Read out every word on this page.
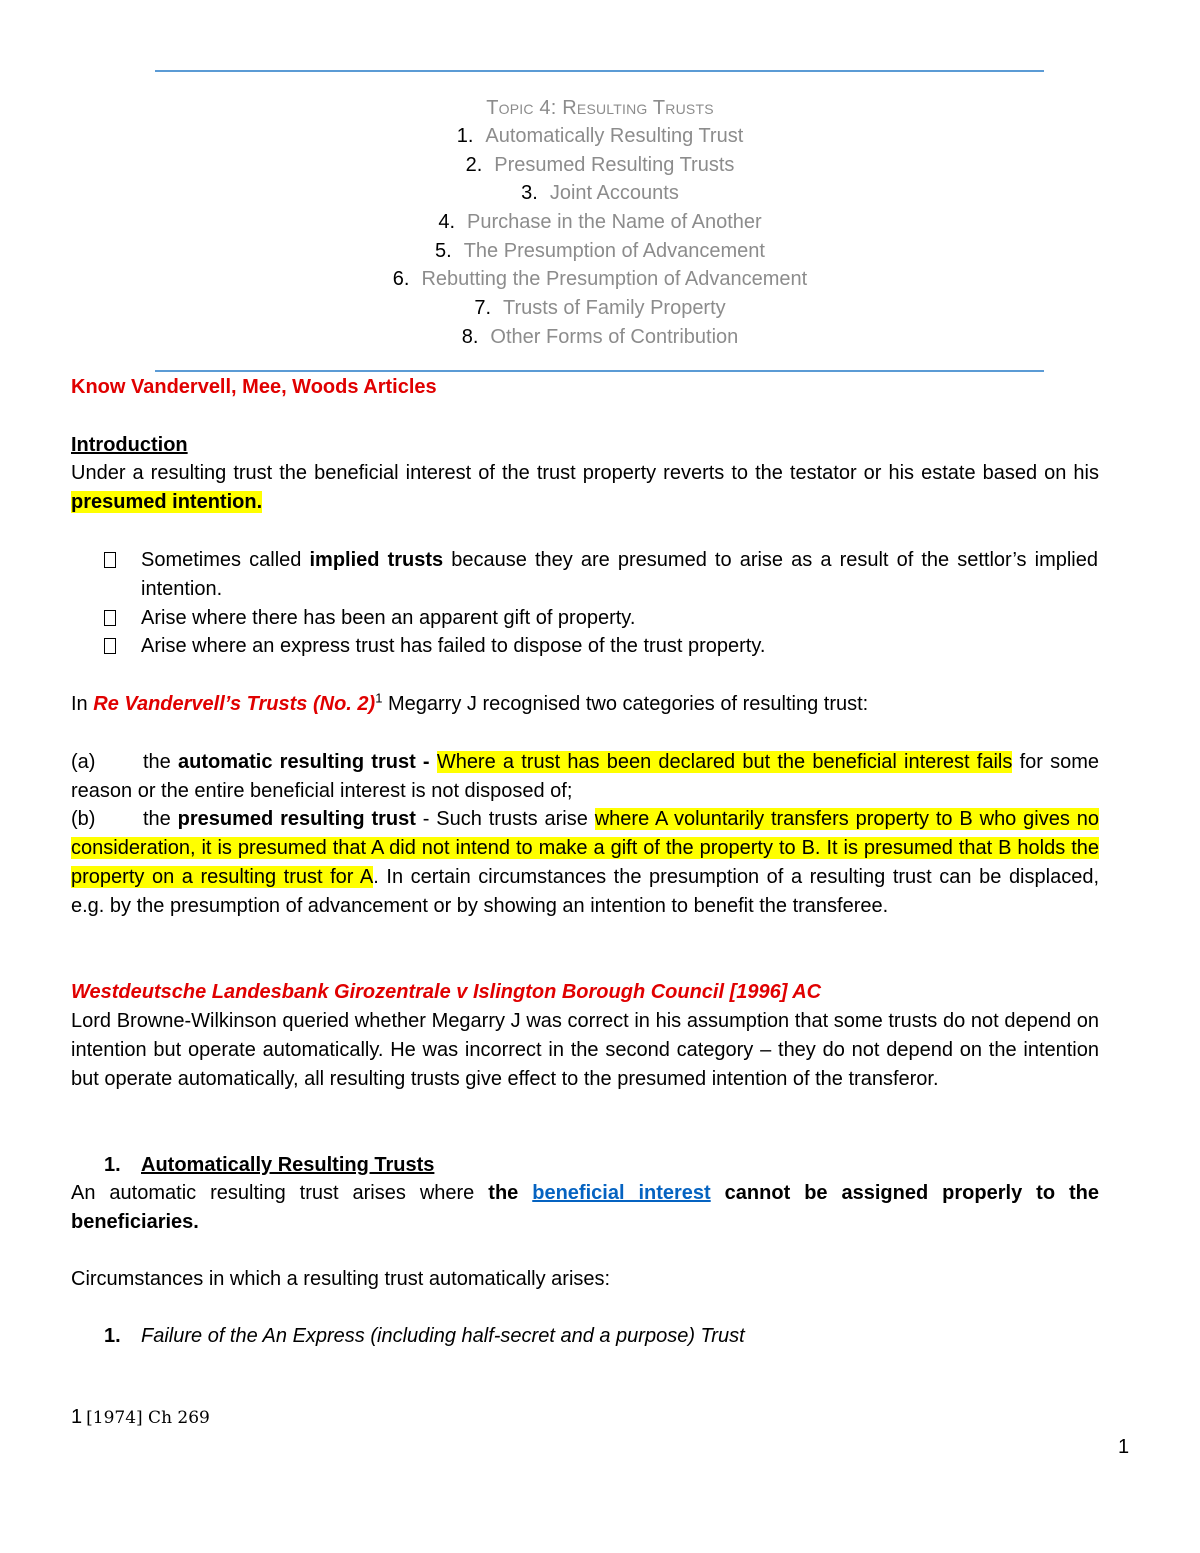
Topic 4: Resulting Trusts
1. Automatically Resulting Trust
2. Presumed Resulting Trusts
3. Joint Accounts
4. Purchase in the Name of Another
5. The Presumption of Advancement
6. Rebutting the Presumption of Advancement
7. Trusts of Family Property
8. Other Forms of Contribution
Know Vandervell, Mee, Woods Articles
Introduction
Under a resulting trust the beneficial interest of the trust property reverts to the testator or his estate based on his presumed intention.
Sometimes called implied trusts because they are presumed to arise as a result of the settlor’s implied intention.
Arise where there has been an apparent gift of property.
Arise where an express trust has failed to dispose of the trust property.
In Re Vandervell’s Trusts (No. 2)$^1$ Megarry J recognised two categories of resulting trust:
(a) the automatic resulting trust - Where a trust has been declared but the beneficial interest fails for some reason or the entire beneficial interest is not disposed of;
(b) the presumed resulting trust - Such trusts arise where A voluntarily transfers property to B who gives no consideration, it is presumed that A did not intend to make a gift of the property to B. It is presumed that B holds the property on a resulting trust for A. In certain circumstances the presumption of a resulting trust can be displaced, e.g. by the presumption of advancement or by showing an intention to benefit the transferee.
Westdeutsche Landesbank Girozentrale v Islington Borough Council [1996] AC
Lord Browne-Wilkinson queried whether Megarry J was correct in his assumption that some trusts do not depend on intention but operate automatically. He was incorrect in the second category – they do not depend on the intention but operate automatically, all resulting trusts give effect to the presumed intention of the transferor.
1. Automatically Resulting Trusts
An automatic resulting trust arises where the beneficial interest cannot be assigned properly to the beneficiaries.
Circumstances in which a resulting trust automatically arises:
1. Failure of the An Express (including half-secret and a purpose) Trust
1 [1974] Ch 269
1
